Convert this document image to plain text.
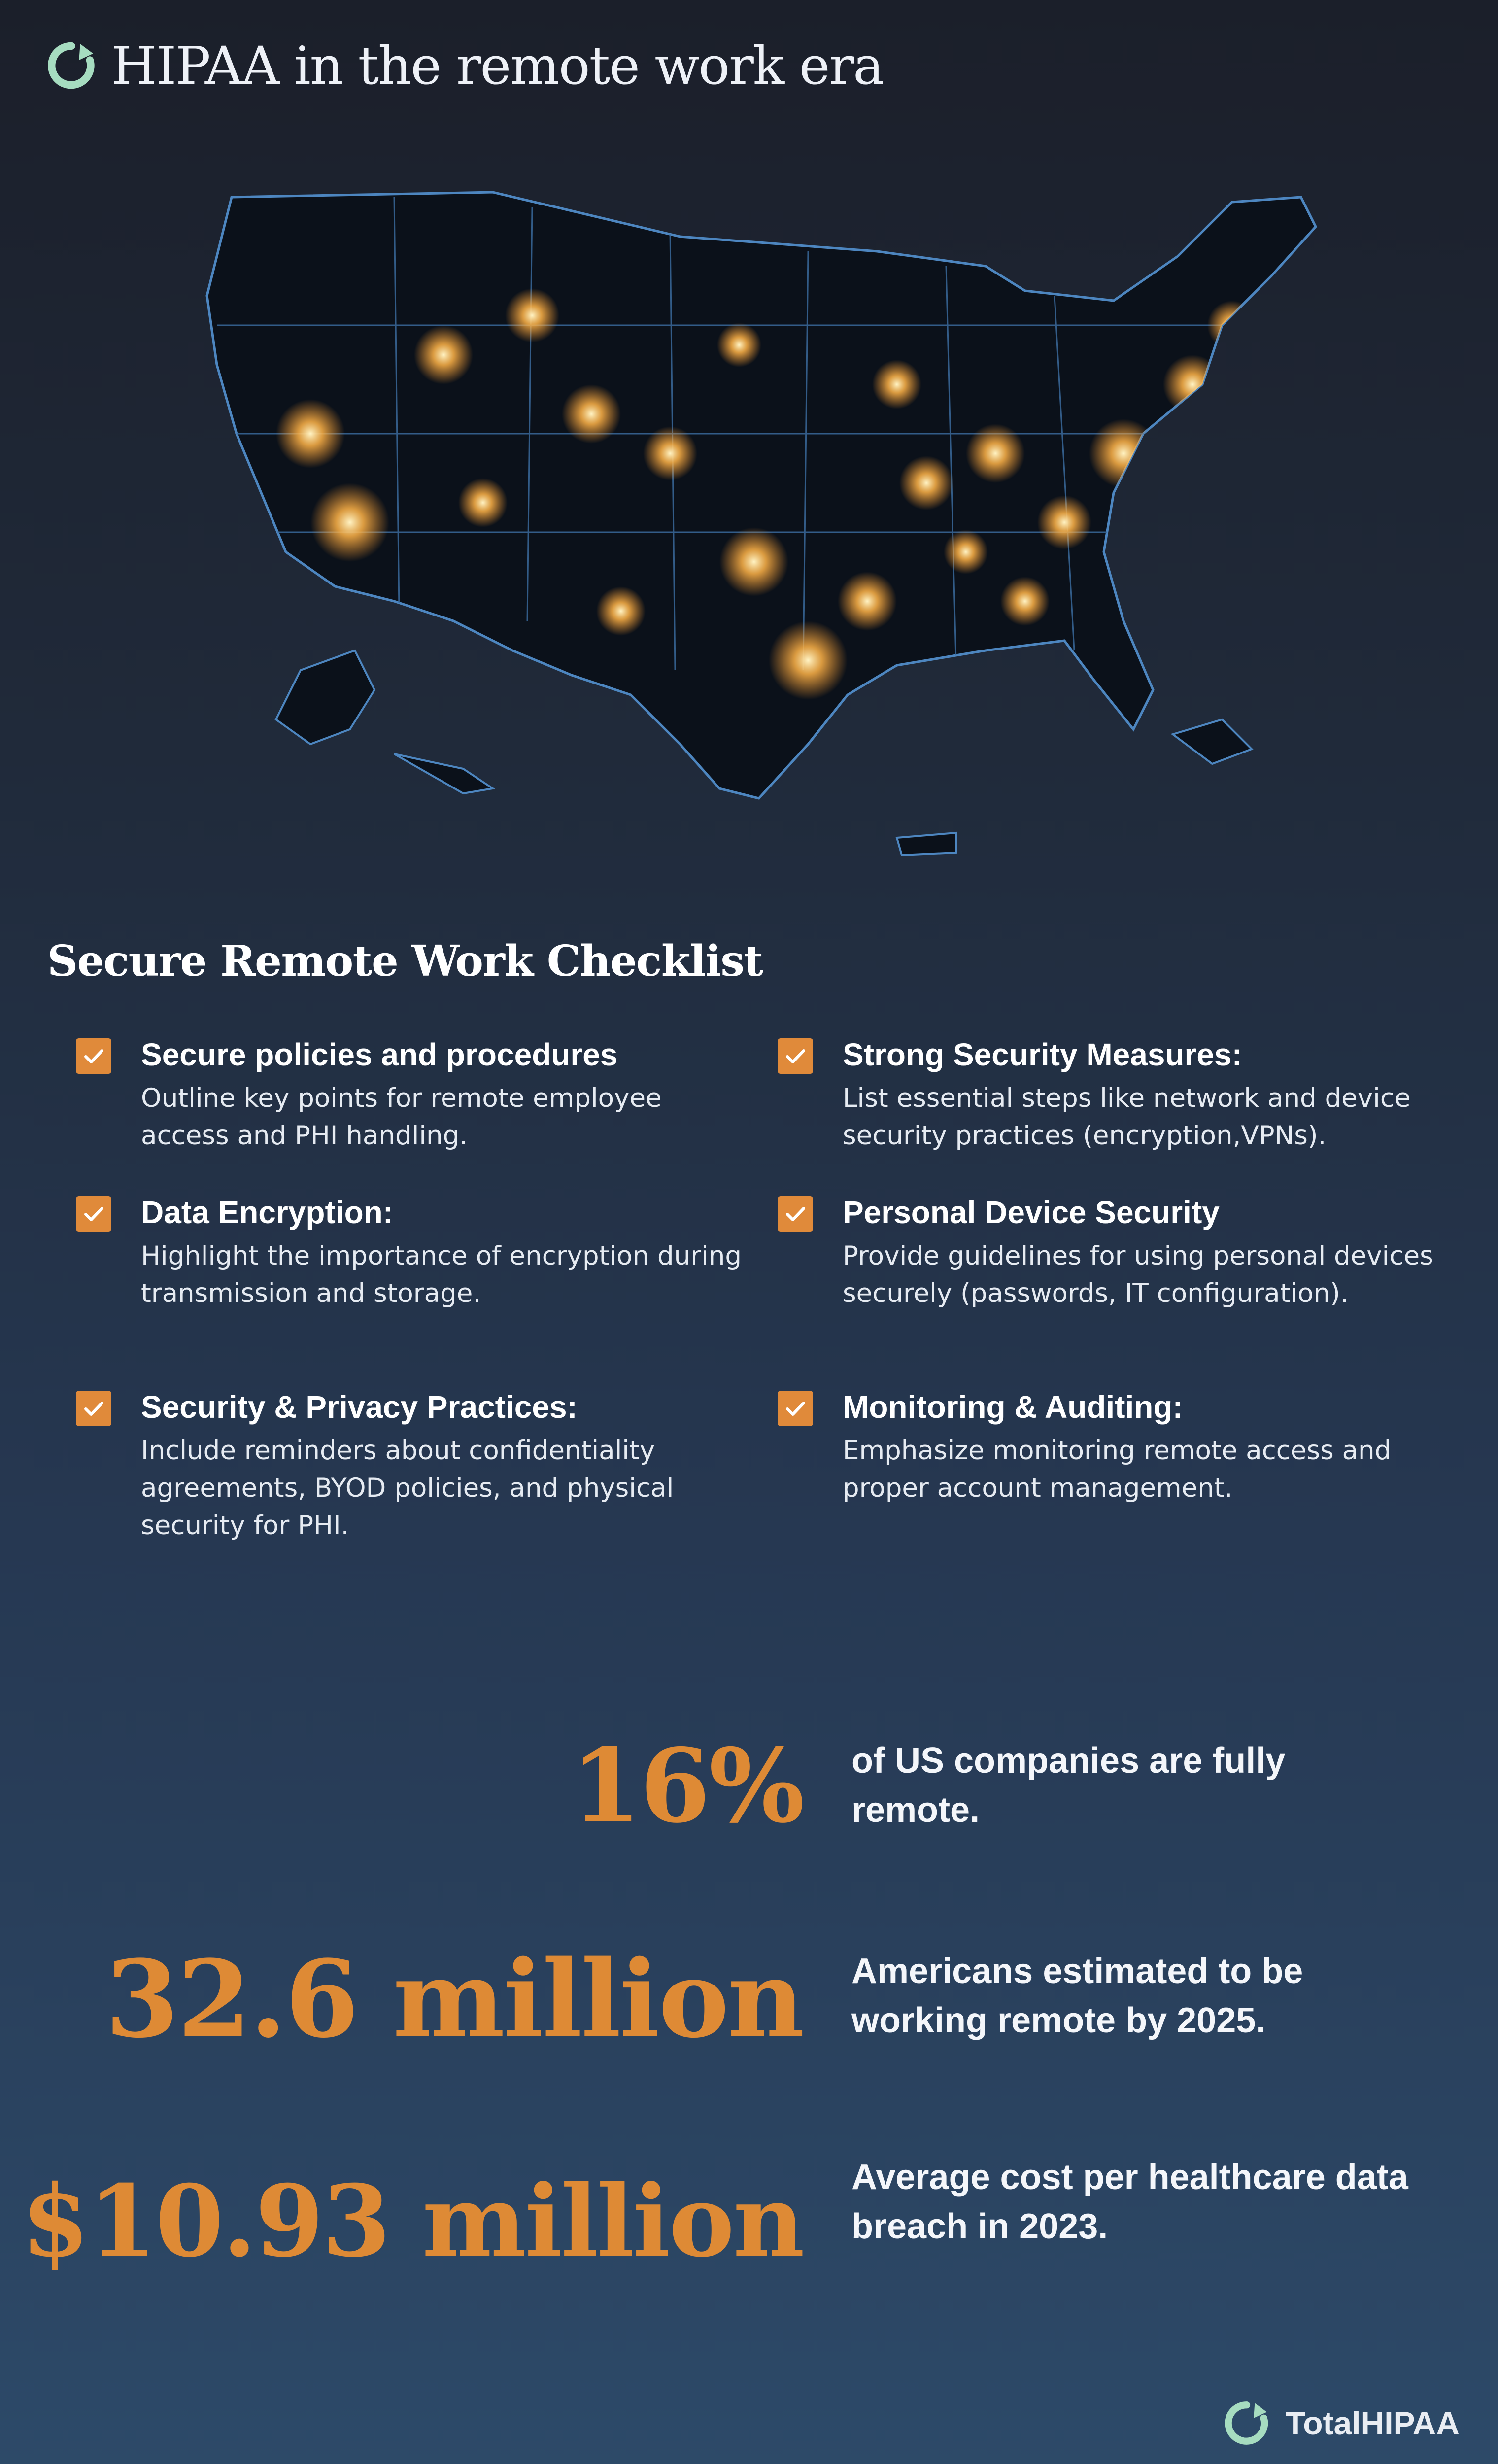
HIPAA in the remote work era
Secure Remote Work Checklist
Secure policies and procedures
Outline key points for remote employee access and PHI handling.
Strong Security Measures:
List essential steps like network and device security practices (encryption,VPNs).
Data Encryption:
Highlight the importance of encryption during transmission and storage.
Personal Device Security
Provide guidelines for using personal devices securely (passwords, IT configuration).
Security & Privacy Practices:
Include reminders about confidentiality agreements, BYOD policies, and physical security for PHI.
Monitoring & Auditing:
Emphasize monitoring remote access and proper account management.
16% of US companies are fully remote.
32.6 million Americans estimated to be working remote by 2025.
$10.93 million Average cost per healthcare data breach in 2023.
TotalHIPAA
